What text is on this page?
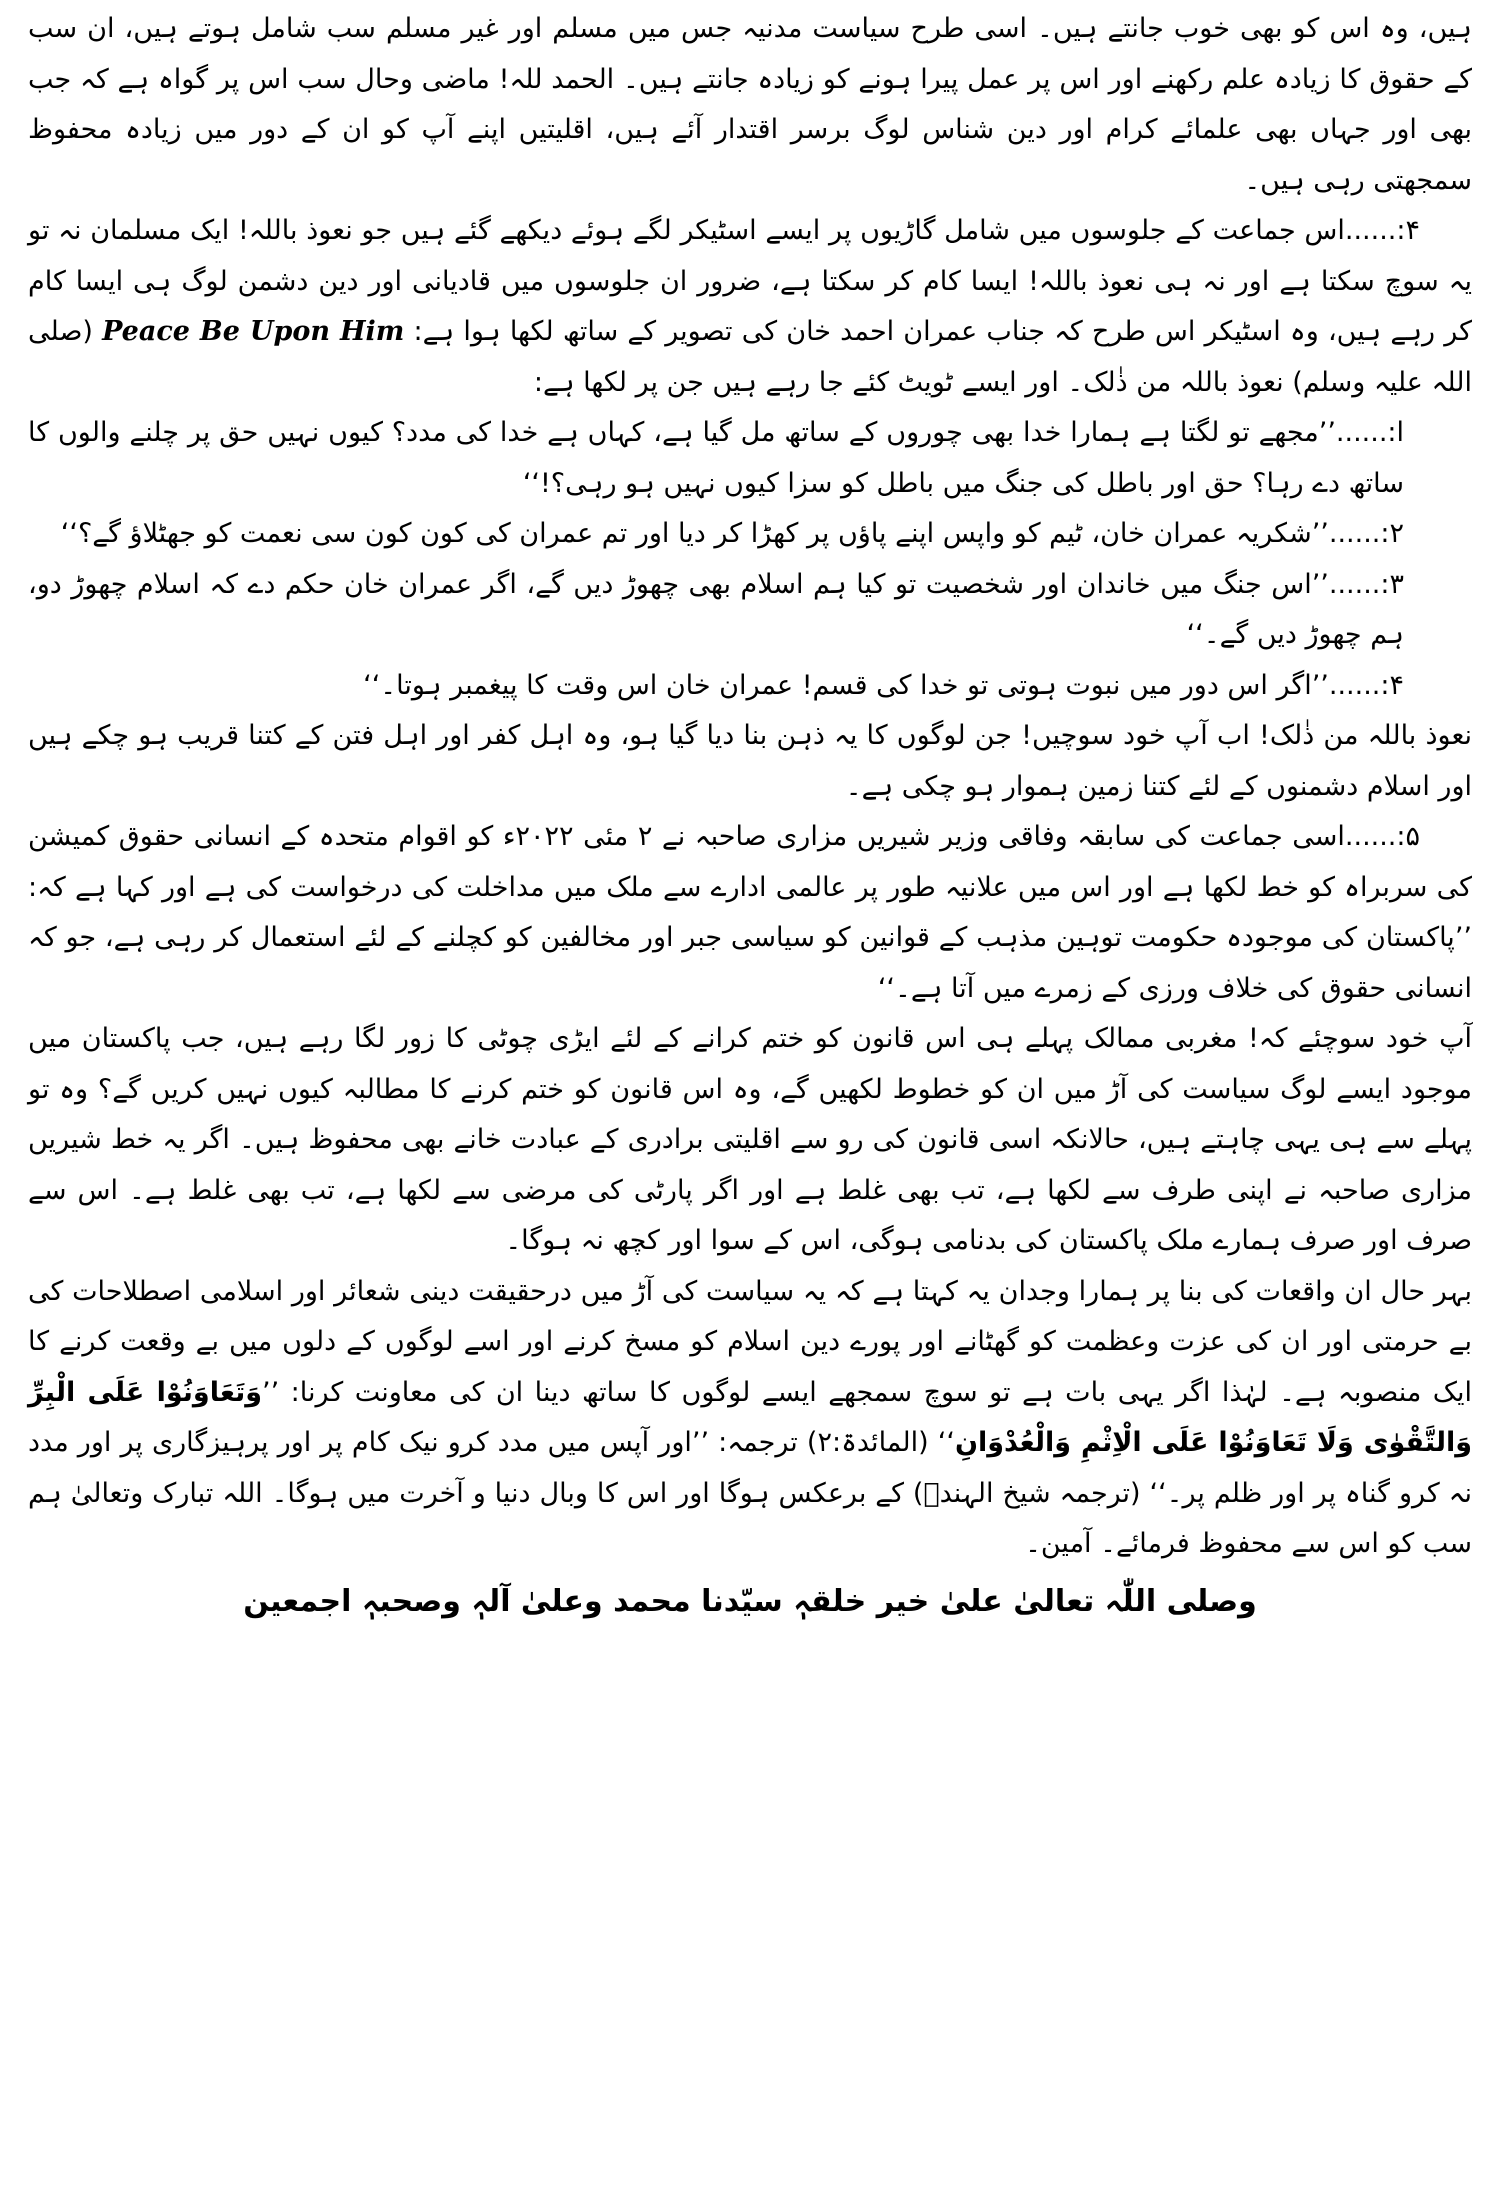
ہیں، وہ اس کو بھی خوب جانتے ہیں۔ اسی طرح سیاست مدنیہ جس میں مسلم اور غیر مسلم سب شامل ہوتے ہیں، ان سب کے حقوق کا زیادہ علم رکھنے اور اس پر عمل پیرا ہونے کو زیادہ جانتے ہیں۔ الحمد للہ! ماضی وحال سب اس پر گواہ ہے کہ جب بھی اور جہاں بھی علمائے کرام اور دین شناس لوگ برسر اقتدار آئے ہیں، اقلیتیں اپنے آپ کو ان کے دور میں زیادہ محفوظ سمجھتی رہی ہیں۔

۴:......اس جماعت کے جلوسوں میں شامل گاڑیوں پر ایسے اسٹیکر لگے ہوئے دیکھے گئے ہیں جو نعوذ باللہ! ایک مسلمان نہ تو یہ سوچ سکتا ہے اور نہ ہی نعوذ باللہ! ایسا کام کر سکتا ہے، ضرور ان جلوسوں میں قادیانی اور دین دشمن لوگ ہی ایسا کام کر رہے ہیں، وہ اسٹیکر اس طرح کہ جناب عمران احمد خان کی تصویر کے ساتھ لکھا ہوا ہے: Peace Be Upon Him (صلی اللہ علیہ وسلم) نعوذ باللہ من ذٰلک۔ اور ایسے ٹویٹ کئے جا رہے ہیں جن پر لکھا ہے:

ا:......’’مجھے تو لگتا ہے ہمارا خدا بھی چوروں کے ساتھ مل گیا ہے، کہاں ہے خدا کی مدد؟ کیوں نہیں حق پر چلنے والوں کا ساتھ دے رہا؟ حق اور باطل کی جنگ میں باطل کو سزا کیوں نہیں ہو رہی؟!‘‘

۲:......’’شکریہ عمران خان، ٹیم کو واپس اپنے پاؤں پر کھڑا کر دیا اور تم عمران کی کون کون سی نعمت کو جھٹلاؤ گے؟‘‘

۳:......’’اس جنگ میں خاندان اور شخصیت تو کیا ہم اسلام بھی چھوڑ دیں گے، اگر عمران خان حکم دے کہ اسلام چھوڑ دو، ہم چھوڑ دیں گے۔‘‘

۴:......’’اگر اس دور میں نبوت ہوتی تو خدا کی قسم! عمران خان اس وقت کا پیغمبر ہوتا۔‘‘

نعوذ باللہ من ذٰلک! اب آپ خود سوچیں! جن لوگوں کا یہ ذہن بنا دیا گیا ہو، وہ اہل کفر اور اہل فتن کے کتنا قریب ہو چکے ہیں اور اسلام دشمنوں کے لئے کتنا زمین ہموار ہو چکی ہے۔

۵:......اسی جماعت کی سابقہ وفاقی وزیر شیریں مزاری صاحبہ نے ۲ مئی ۲۰۲۲ء کو اقوام متحدہ کے انسانی حقوق کمیشن کی سربراہ کو خط لکھا ہے اور اس میں علانیہ طور پر عالمی ادارے سے ملک میں مداخلت کی درخواست کی ہے اور کہا ہے کہ: ’’پاکستان کی موجودہ حکومت توہین مذہب کے قوانین کو سیاسی جبر اور مخالفین کو کچلنے کے لئے استعمال کر رہی ہے، جو کہ انسانی حقوق کی خلاف ورزی کے زمرے میں آتا ہے۔‘‘

آپ خود سوچئے کہ! مغربی ممالک پہلے ہی اس قانون کو ختم کرانے کے لئے ایڑی چوٹی کا زور لگا رہے ہیں، جب پاکستان میں موجود ایسے لوگ سیاست کی آڑ میں ان کو خطوط لکھیں گے، وہ اس قانون کو ختم کرنے کا مطالبہ کیوں نہیں کریں گے؟ وہ تو پہلے سے ہی یہی چاہتے ہیں، حالانکہ اسی قانون کی رو سے اقلیتی برادری کے عبادت خانے بھی محفوظ ہیں۔ اگر یہ خط شیریں مزاری صاحبہ نے اپنی طرف سے لکھا ہے، تب بھی غلط ہے اور اگر پارٹی کی مرضی سے لکھا ہے، تب بھی غلط ہے۔ اس سے صرف اور صرف ہمارے ملک پاکستان کی بدنامی ہوگی، اس کے سوا اور کچھ نہ ہوگا۔

بہر حال ان واقعات کی بنا پر ہمارا وجدان یہ کہتا ہے کہ یہ سیاست کی آڑ میں درحقیقت دینی شعائر اور اسلامی اصطلاحات کی بے حرمتی اور ان کی عزت وعظمت کو گھٹانے اور پورے دین اسلام کو مسخ کرنے اور اسے لوگوں کے دلوں میں بے وقعت کرنے کا ایک منصوبہ ہے۔ لہٰذا اگر یہی بات ہے تو سوچ سمجھے ایسے لوگوں کا ساتھ دینا ان کی معاونت کرنا: ’’وَتَعَاوَنُوْا عَلَی الْبِرِّ وَالتَّقْوٰی وَلَا تَعَاوَنُوْا عَلَی الْاِثْمِ وَالْعُدْوَانِ‘‘ (المائدۃ:۲) ترجمہ: ’’اور آپس میں مدد کرو نیک کام پر اور پرہیزگاری پر اور مدد نہ کرو گناہ پر اور ظلم پر۔‘‘ (ترجمہ شیخ الہندؒ) کے برعکس ہوگا اور اس کا وبال دنیا و آخرت میں ہوگا۔ اللہ تبارک وتعالیٰ ہم سب کو اس سے محفوظ فرمائے۔ آمین۔

وصلی اللّٰہ تعالیٰ علیٰ خیر خلقہٖ سیّدنا محمد وعلیٰ آلہٖ وصحبہٖ اجمعین
